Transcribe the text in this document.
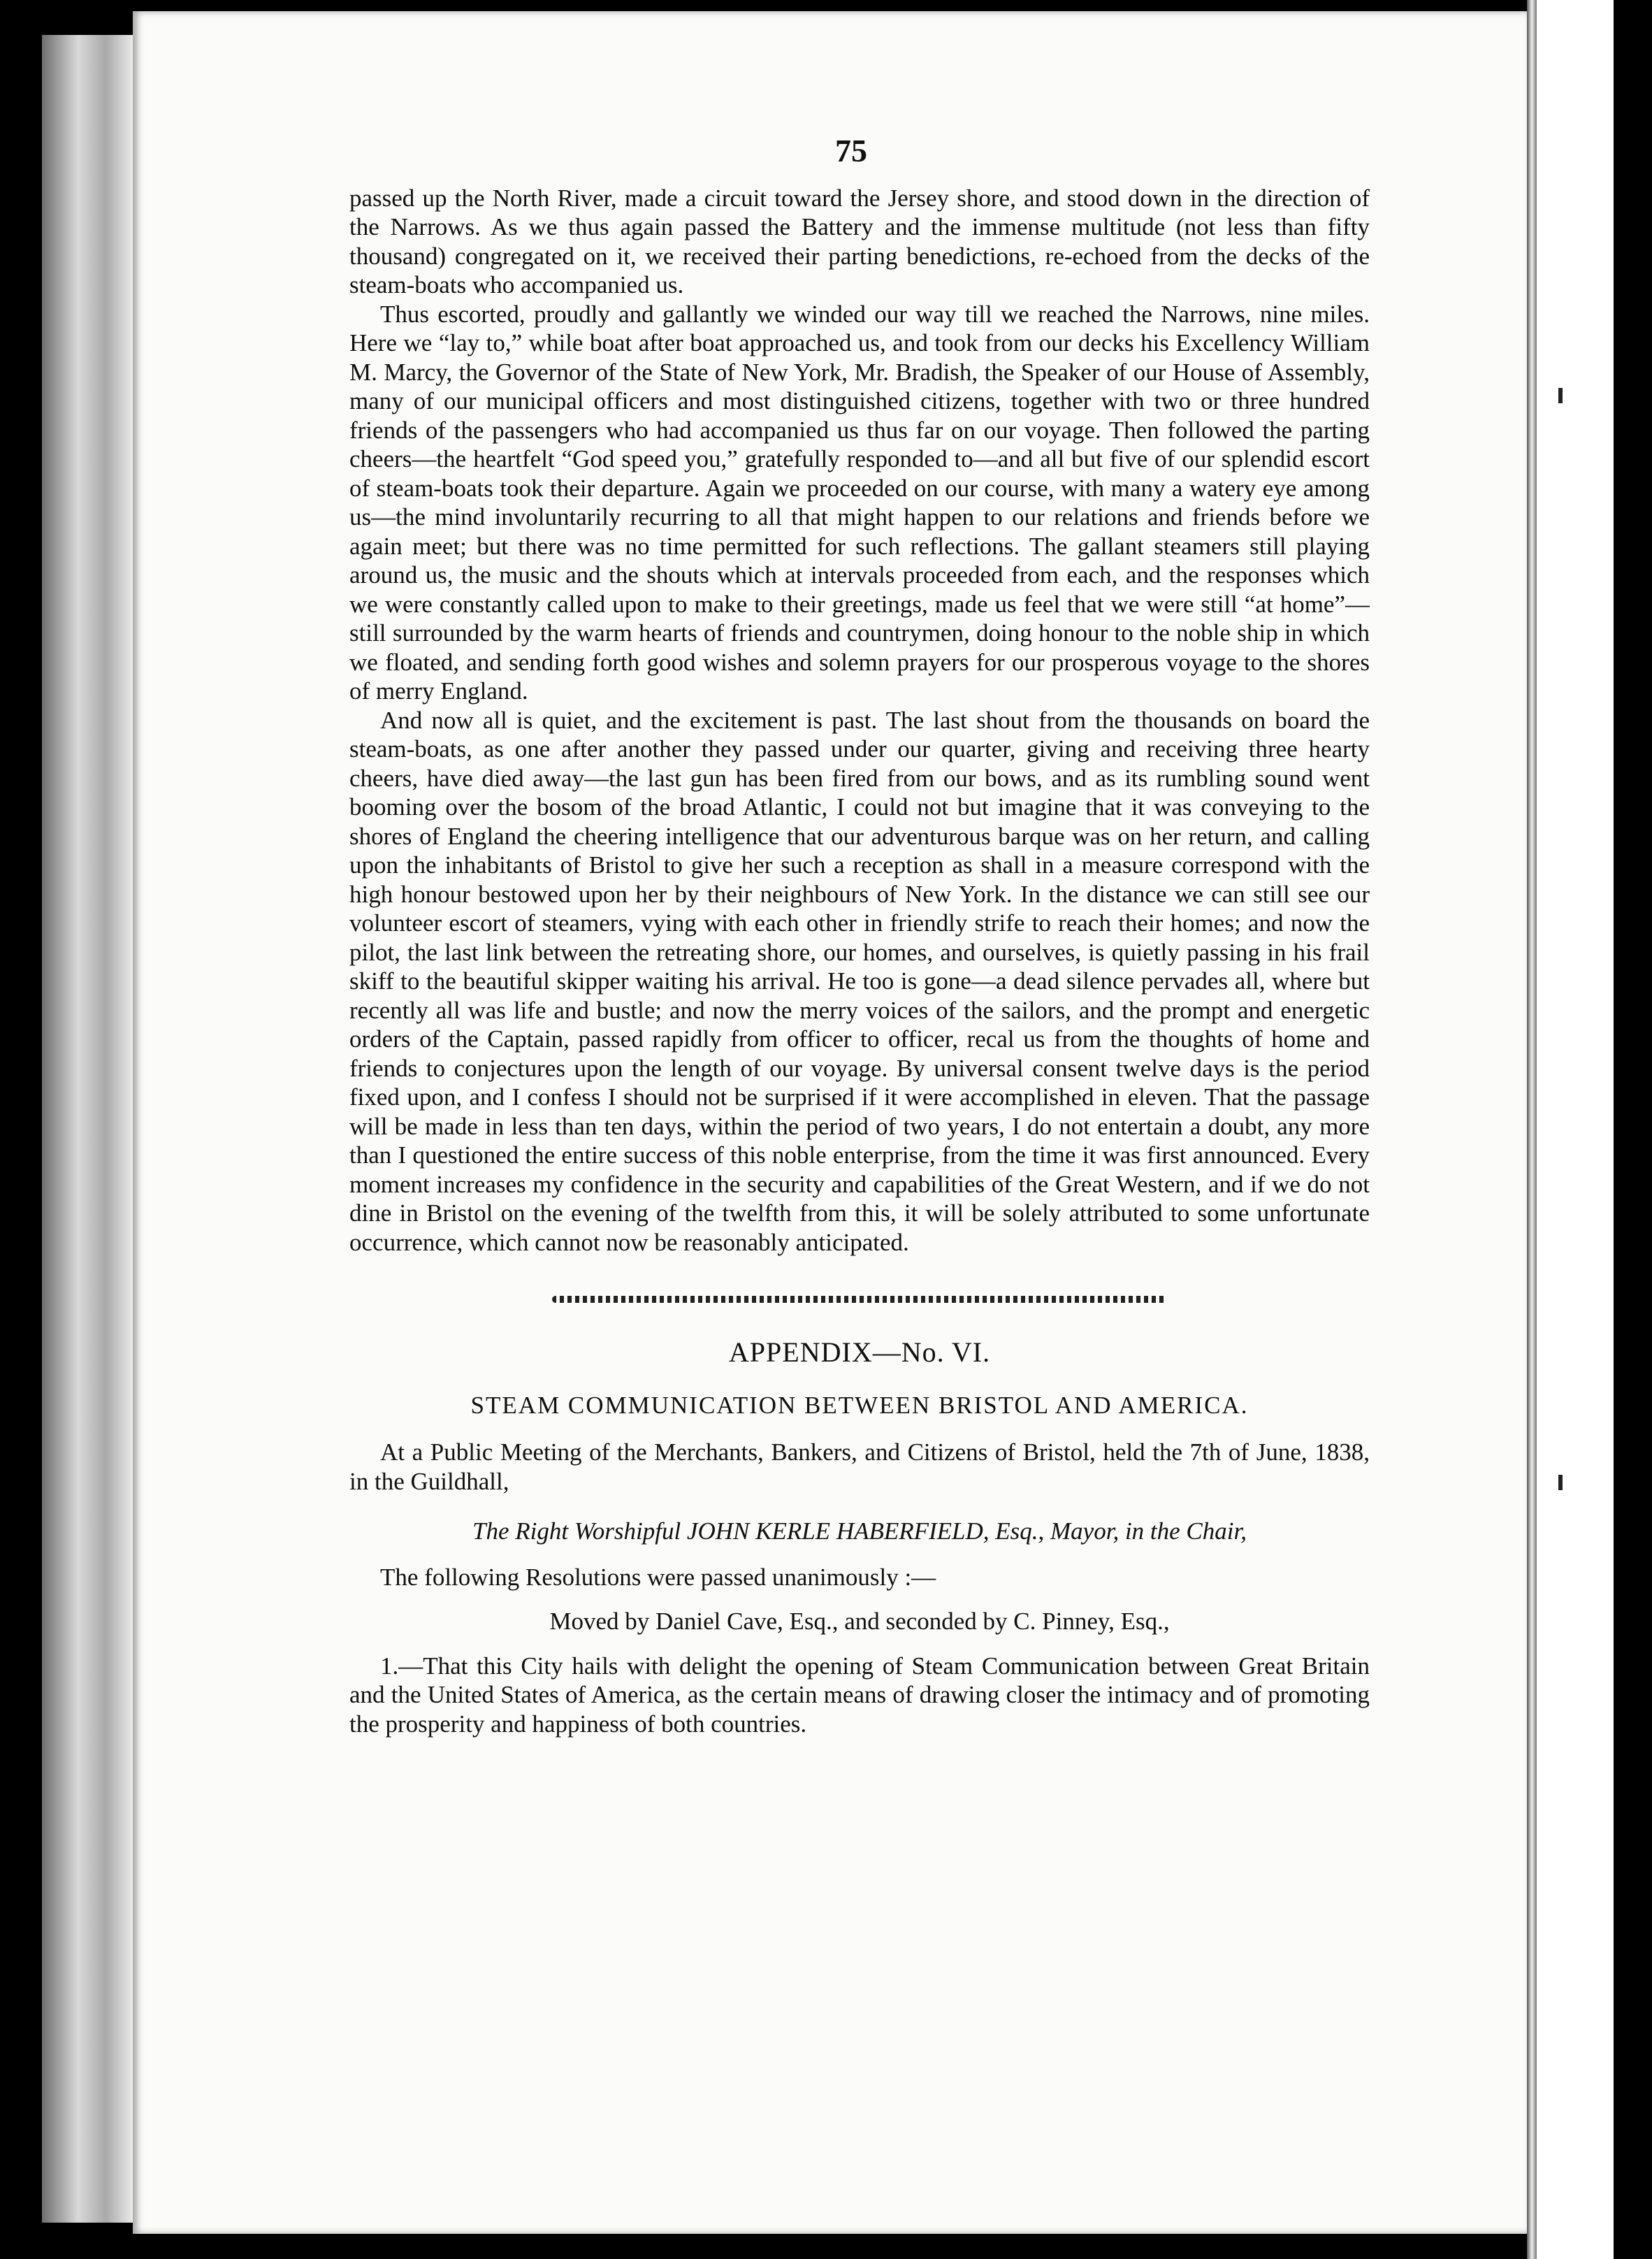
75

passed up the North River, made a circuit toward the Jersey shore, and stood down in the direction of the Narrows. As we thus again passed the Battery and the immense multitude (not less than fifty thousand) congregated on it, we received their parting benedictions, re-echoed from the decks of the steam-boats who accompanied us.

Thus escorted, proudly and gallantly we winded our way till we reached the Narrows, nine miles. Here we “lay to,” while boat after boat approached us, and took from our decks his Excellency William M. Marcy, the Governor of the State of New York, Mr. Bradish, the Speaker of our House of Assembly, many of our municipal officers and most distinguished citizens, together with two or three hundred friends of the passengers who had accompanied us thus far on our voyage. Then followed the parting cheers—the heartfelt “God speed you,” gratefully responded to—and all but five of our splendid escort of steam-boats took their departure. Again we proceeded on our course, with many a watery eye among us—the mind involuntarily recurring to all that might happen to our relations and friends before we again meet; but there was no time permitted for such reflections. The gallant steamers still playing around us, the music and the shouts which at intervals proceeded from each, and the responses which we were constantly called upon to make to their greetings, made us feel that we were still “at home”—still surrounded by the warm hearts of friends and countrymen, doing honour to the noble ship in which we floated, and sending forth good wishes and solemn prayers for our prosperous voyage to the shores of merry England.

And now all is quiet, and the excitement is past. The last shout from the thousands on board the steam-boats, as one after another they passed under our quarter, giving and receiving three hearty cheers, have died away—the last gun has been fired from our bows, and as its rumbling sound went booming over the bosom of the broad Atlantic, I could not but imagine that it was conveying to the shores of England the cheering intelligence that our adventurous barque was on her return, and calling upon the inhabitants of Bristol to give her such a reception as shall in a measure correspond with the high honour bestowed upon her by their neighbours of New York. In the distance we can still see our volunteer escort of steamers, vying with each other in friendly strife to reach their homes; and now the pilot, the last link between the retreating shore, our homes, and ourselves, is quietly passing in his frail skiff to the beautiful skipper waiting his arrival. He too is gone—a dead silence pervades all, where but recently all was life and bustle; and now the merry voices of the sailors, and the prompt and energetic orders of the Captain, passed rapidly from officer to officer, recal us from the thoughts of home and friends to conjectures upon the length of our voyage. By universal consent twelve days is the period fixed upon, and I confess I should not be surprised if it were accomplished in eleven. That the passage will be made in less than ten days, within the period of two years, I do not entertain a doubt, any more than I questioned the entire success of this noble enterprise, from the time it was first announced. Every moment increases my confidence in the security and capabilities of the Great Western, and if we do not dine in Bristol on the evening of the twelfth from this, it will be solely attributed to some unfortunate occurrence, which cannot now be reasonably anticipated.

APPENDIX—No. VI.
STEAM COMMUNICATION BETWEEN BRISTOL AND AMERICA.

At a Public Meeting of the Merchants, Bankers, and Citizens of Bristol, held the 7th of June, 1838, in the Guildhall,

The Right Worshipful JOHN KERLE HABERFIELD, Esq., Mayor, in the Chair,

The following Resolutions were passed unanimously :—

Moved by Daniel Cave, Esq., and seconded by C. Pinney, Esq.,

1.—That this City hails with delight the opening of Steam Communication between Great Britain and the United States of America, as the certain means of drawing closer the intimacy and of promoting the prosperity and happiness of both countries.
